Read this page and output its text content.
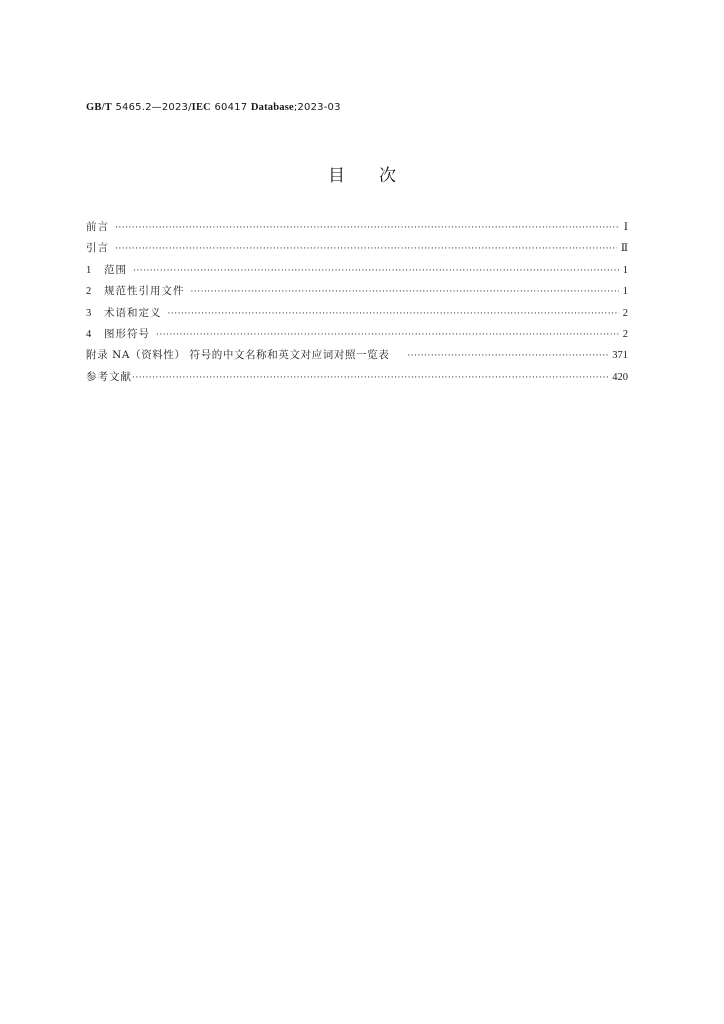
GB/T 5465.2—2023/IEC 60417 Database;2023-03
目次
前言 ·····	Ⅰ
引言 ·····	Ⅱ
1	范围 ·····	1
2	规范性引用文件 ·····	1
3	术语和定义 ·····	2
4	图形符号 ·····	2
附录 NA（资料性） 符号的中文名称和英文对应词对照一览表 ·····	371
参考文献 ·····	420
